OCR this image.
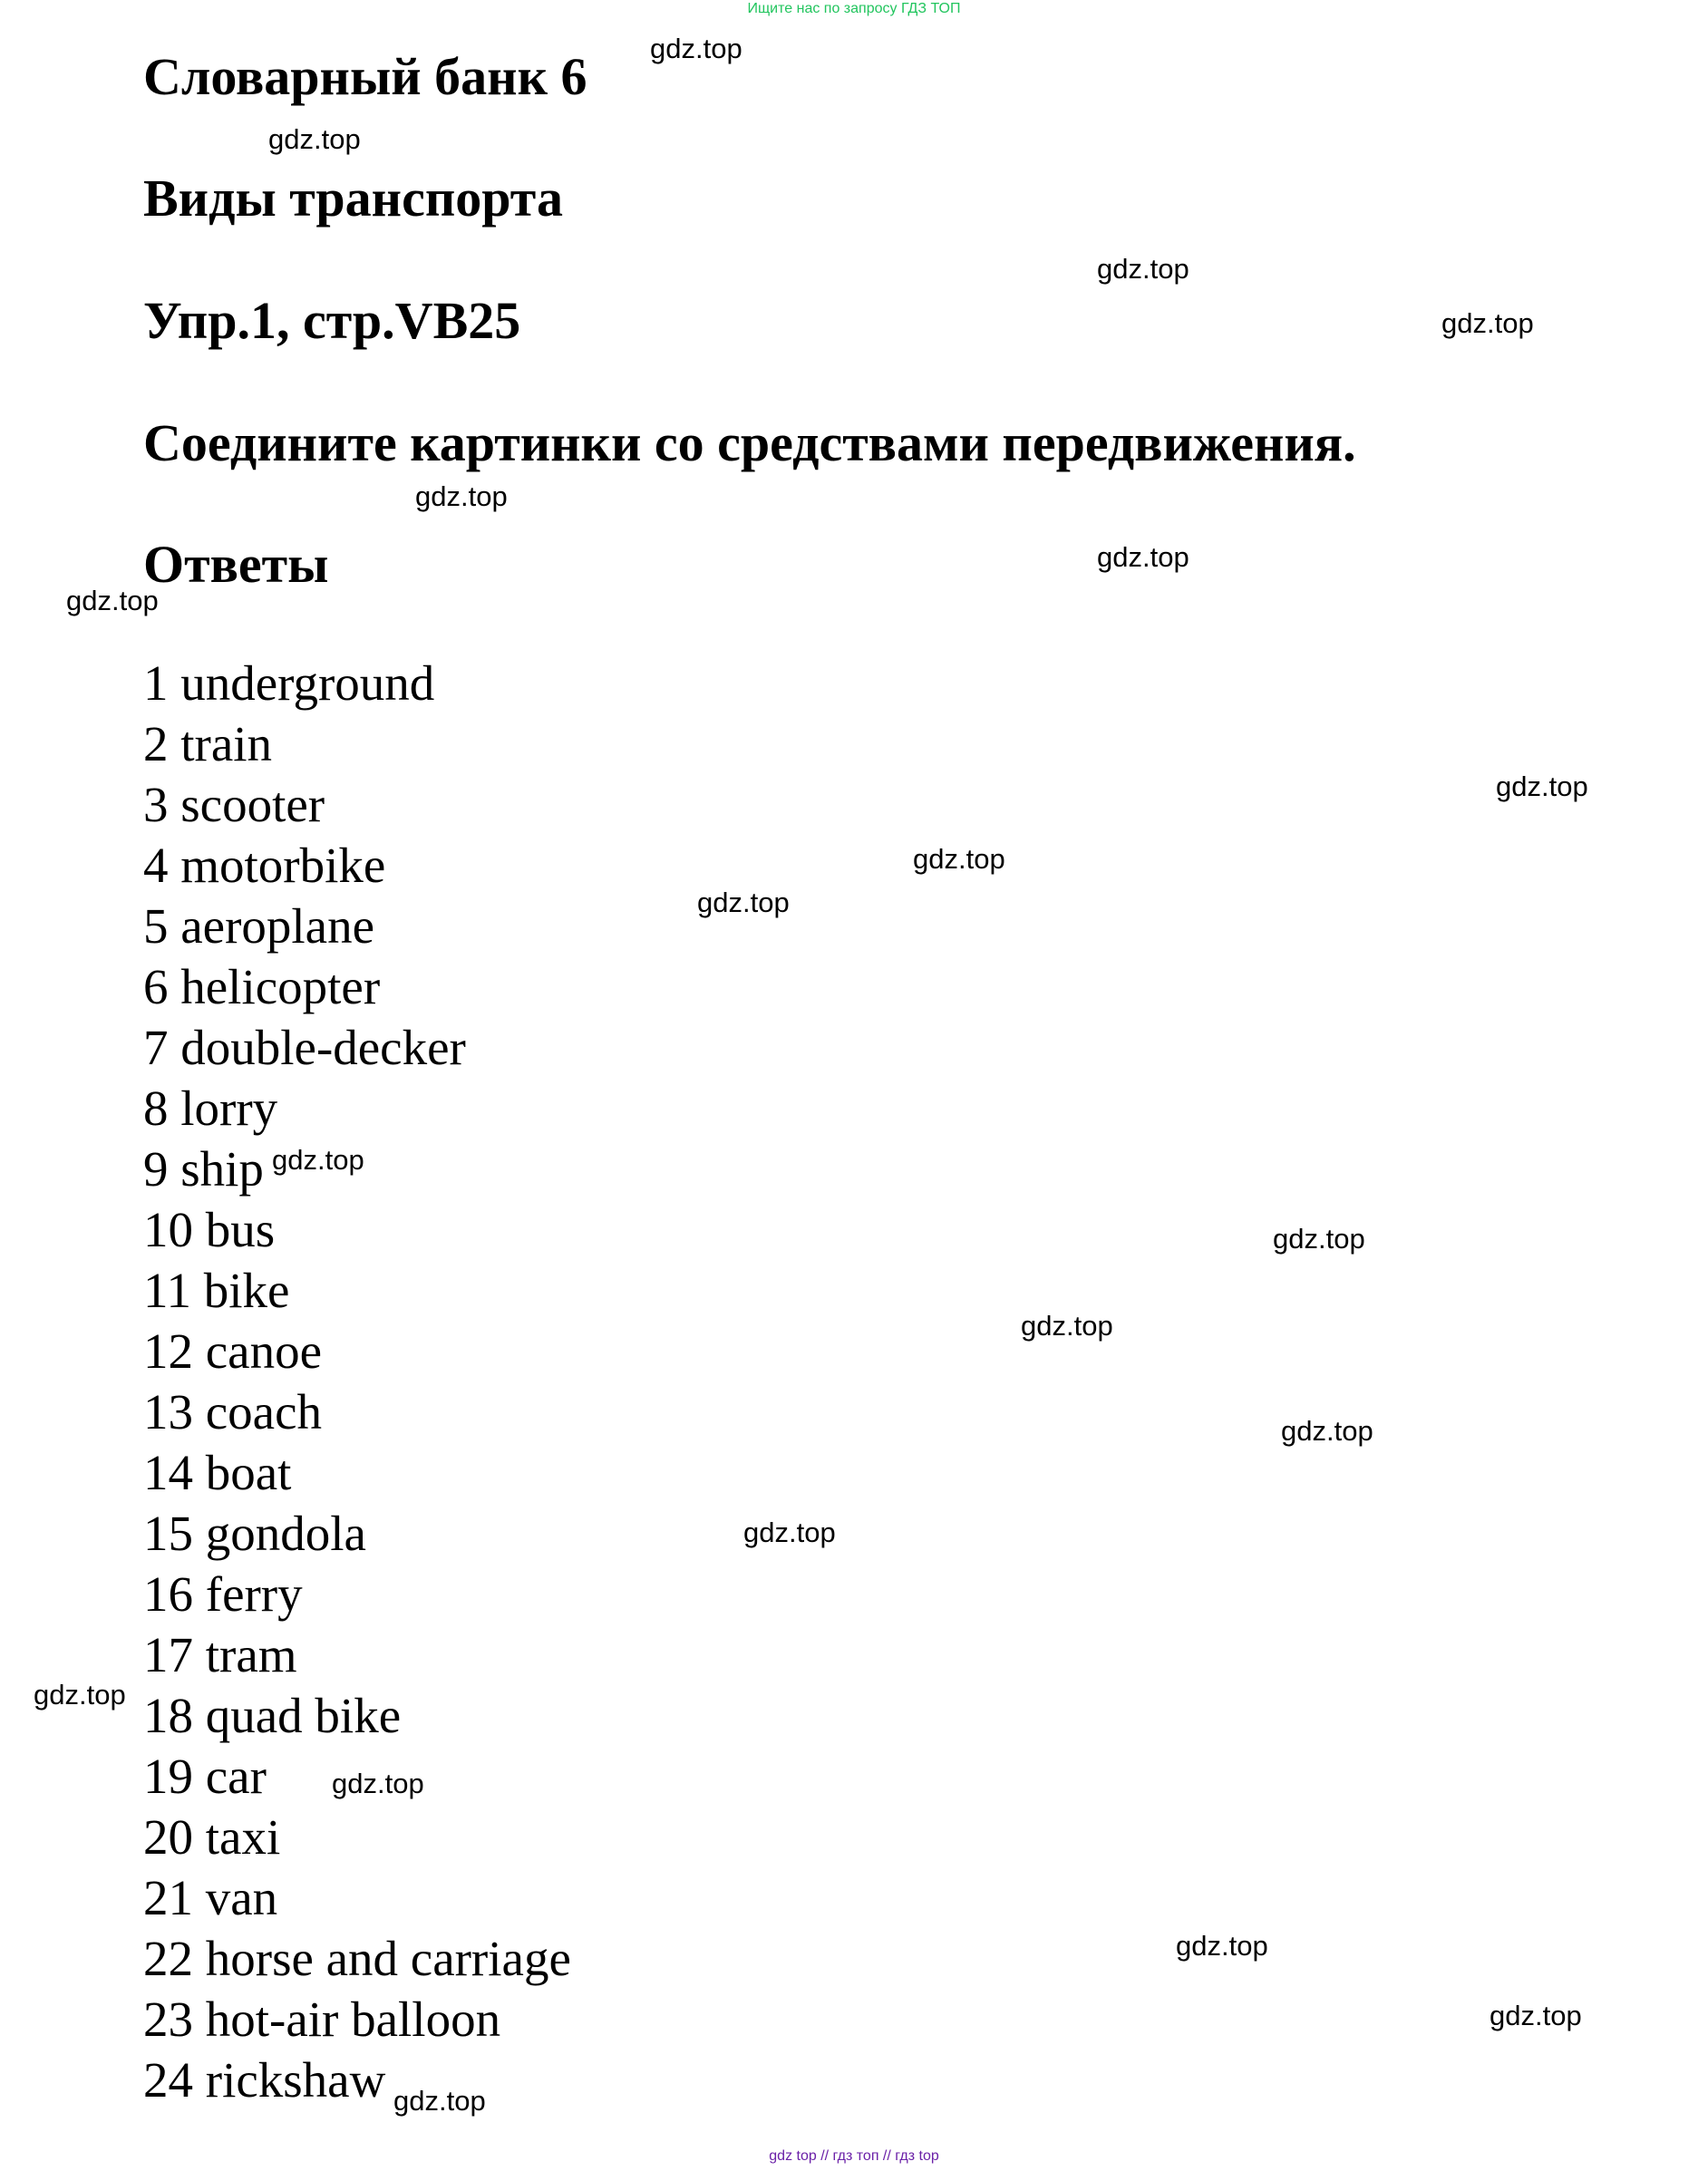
Ищите нас по запросу ГДЗ ТОП
Словарный банк 6
Виды транспорта
Упр.1, стр.VB25
Соедините картинки со средствами передвижения.
Ответы
1 underground
2 train
3 scooter
4 motorbike
5 aeroplane
6 helicopter
7 double-decker
8 lorry
9 ship
10 bus
11 bike
12 canoe
13 coach
14 boat
15 gondola
16 ferry
17 tram
18 quad bike
19 car
20 taxi
21 van
22 horse and carriage
23 hot-air balloon
24 rickshaw
gdz.top
gdz.top
gdz.top
gdz.top
gdz.top
gdz.top
gdz.top
gdz.top
gdz.top
gdz.top
gdz.top
gdz.top
gdz.top
gdz.top
gdz.top
gdz.top
gdz.top
gdz.top
gdz.top
gdz.top
gdz top // гдз топ // гдз top
